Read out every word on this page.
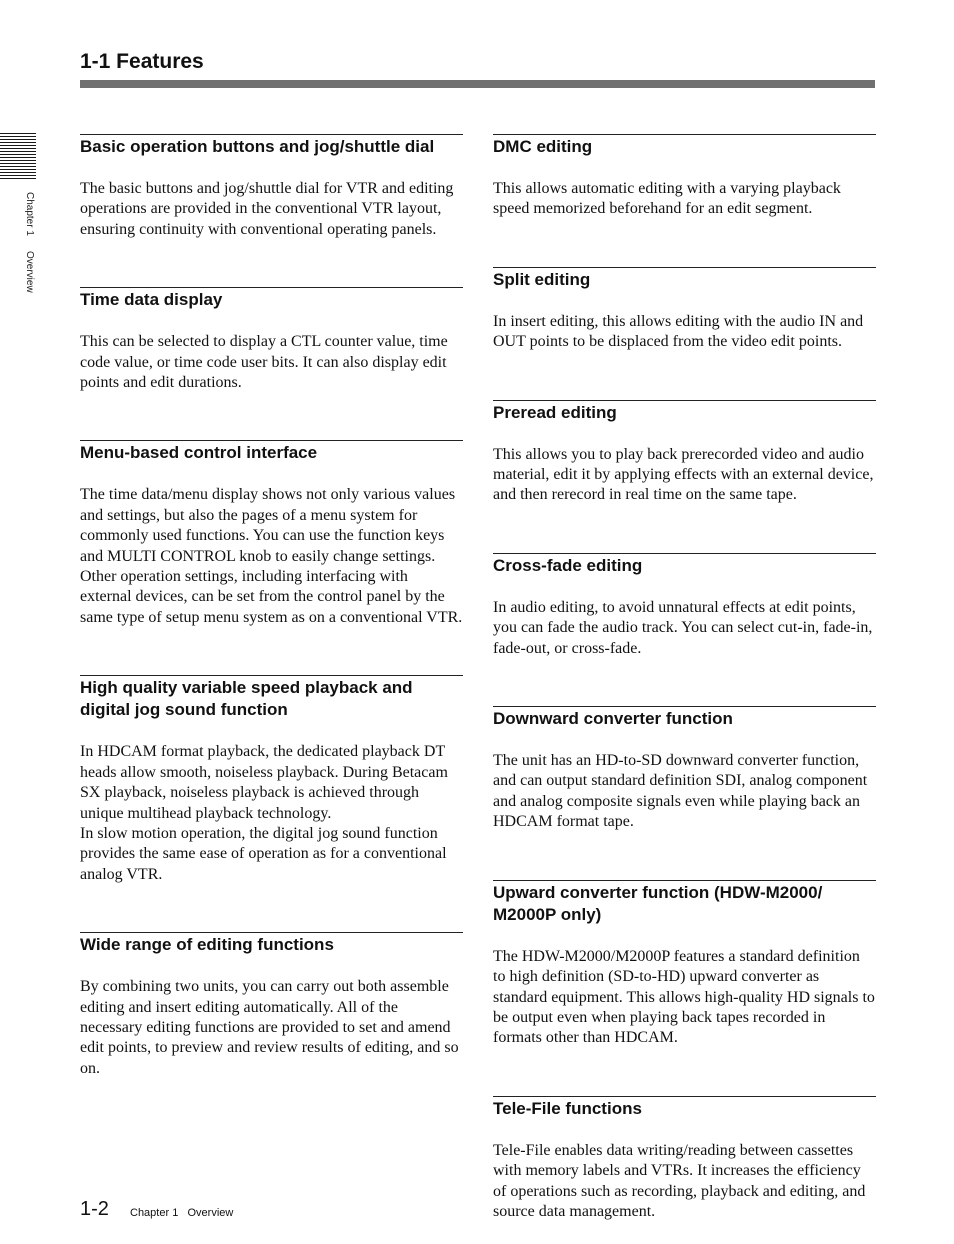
1-1 Features
Chapter 1 Overview
Basic operation buttons and jog/shuttle dial

The basic buttons and jog/shuttle dial for VTR and editing operations are provided in the conventional VTR layout, ensuring continuity with conventional operating panels.

Time data display

This can be selected to display a CTL counter value, time code value, or time code user bits. It can also display edit points and edit durations.

Menu-based control interface

The time data/menu display shows not only various values and settings, but also the pages of a menu system for commonly used functions. You can use the function keys and MULTI CONTROL knob to easily change settings.

Other operation settings, including interfacing with external devices, can be set from the control panel by the same type of setup menu system as on a conventional VTR.

High quality variable speed playback and digital jog sound function

In HDCAM format playback, the dedicated playback DT heads allow smooth, noiseless playback. During Betacam SX playback, noiseless playback is achieved through unique multihead playback technology.

In slow motion operation, the digital jog sound function provides the same ease of operation as for a conventional analog VTR.

Wide range of editing functions

By combining two units, you can carry out both assemble editing and insert editing automatically. All of the necessary editing functions are provided to set and amend edit points, to preview and review results of editing, and so on.

DMC editing

This allows automatic editing with a varying playback speed memorized beforehand for an edit segment.

Split editing

In insert editing, this allows editing with the audio IN and OUT points to be displaced from the video edit points.

Preread editing

This allows you to play back prerecorded video and audio material, edit it by applying effects with an external device, and then rerecord in real time on the same tape.

Cross-fade editing

In audio editing, to avoid unnatural effects at edit points, you can fade the audio track. You can select cut-in, fade-in, fade-out, or cross-fade.

Downward converter function

The unit has an HD-to-SD downward converter function, and can output standard definition SDI, analog component and analog composite signals even while playing back an HDCAM format tape.

Upward converter function (HDW-M2000/ M2000P only)

The HDW-M2000/M2000P features a standard definition to high definition (SD-to-HD) upward converter as standard equipment. This allows high-quality HD signals to be output even when playing back tapes recorded in formats other than HDCAM.

Tele-File functions

Tele-File enables data writing/reading between cassettes with memory labels and VTRs. It increases the efficiency of operations such as recording, playback and editing, and source data management.

1-2 Chapter 1   Overview
